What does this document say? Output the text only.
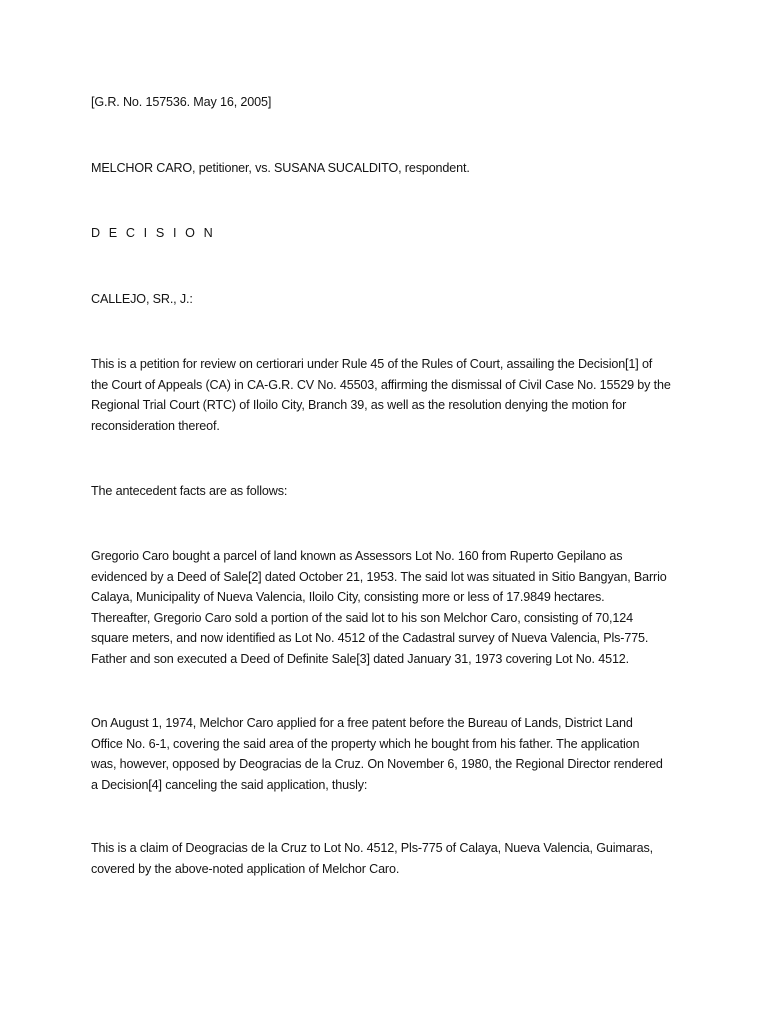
[G.R. No. 157536. May 16, 2005]

MELCHOR CARO, petitioner, vs. SUSANA SUCALDITO, respondent.

D E C I S I O N

CALLEJO, SR., J.:

This is a petition for review on certiorari under Rule 45 of the Rules of Court, assailing the Decision[1] of
the Court of Appeals (CA) in CA-G.R. CV No. 45503, affirming the dismissal of Civil Case No. 15529 by the
Regional Trial Court (RTC) of Iloilo City, Branch 39, as well as the resolution denying the motion for
reconsideration thereof.

The antecedent facts are as follows:

Gregorio Caro bought a parcel of land known as Assessors Lot No. 160 from Ruperto Gepilano as
evidenced by a Deed of Sale[2] dated October 21, 1953. The said lot was situated in Sitio Bangyan, Barrio
Calaya, Municipality of Nueva Valencia, Iloilo City, consisting more or less of 17.9849 hectares.
Thereafter, Gregorio Caro sold a portion of the said lot to his son Melchor Caro, consisting of 70,124
square meters, and now identified as Lot No. 4512 of the Cadastral survey of Nueva Valencia, Pls-775.
Father and son executed a Deed of Definite Sale[3] dated January 31, 1973 covering Lot No. 4512.

On August 1, 1974, Melchor Caro applied for a free patent before the Bureau of Lands, District Land
Office No. 6-1, covering the said area of the property which he bought from his father. The application
was, however, opposed by Deogracias de la Cruz. On November 6, 1980, the Regional Director rendered
a Decision[4] canceling the said application, thusly:

This is a claim of Deogracias de la Cruz to Lot No. 4512, Pls-775 of Calaya, Nueva Valencia, Guimaras,
covered by the above-noted application of Melchor Caro.
